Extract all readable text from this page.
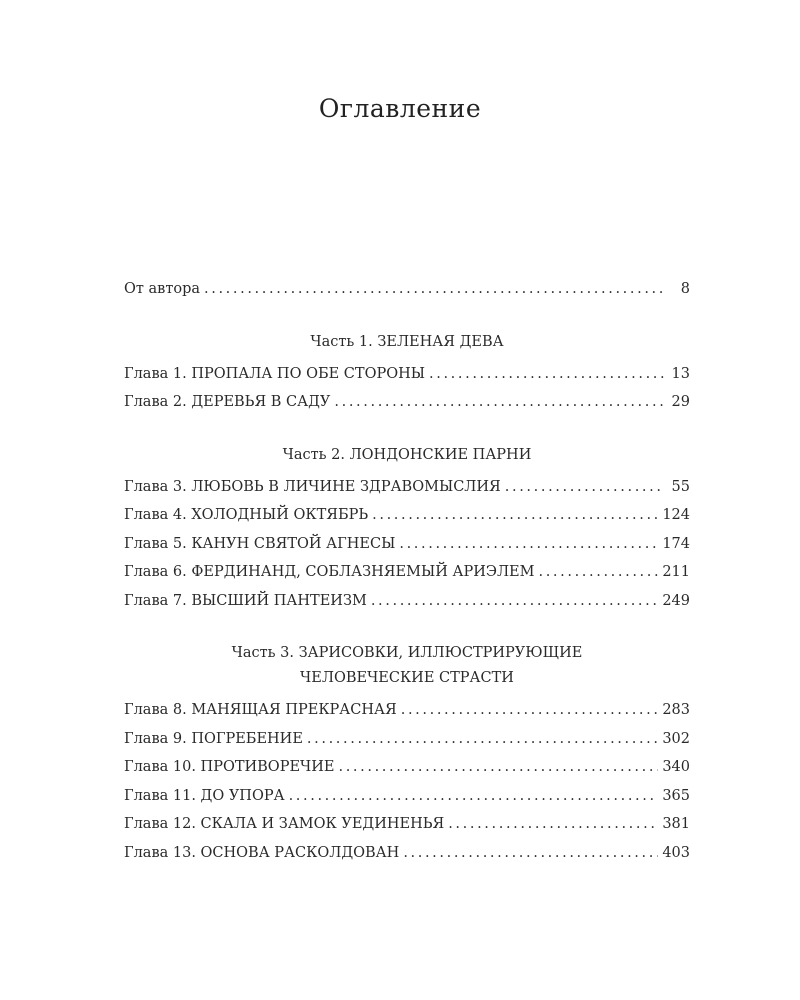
Оглавление
От автора . . .	8
Часть 1. ЗЕЛЕНАЯ ДЕВА
Глава 1. ПРОПАЛА ПО ОБЕ СТОРОНЫ . . .	13
Глава 2. ДЕРЕВЬЯ В САДУ . . .	29
Часть 2. ЛОНДОНСКИЕ ПАРНИ
Глава 3. ЛЮБОВЬ В ЛИЧИНЕ ЗДРАВОМЫСЛИЯ . . .	55
Глава 4. ХОЛОДНЫЙ ОКТЯБРЬ . . .	124
Глава 5. КАНУН СВЯТОЙ АГНЕСЫ . . .	174
Глава 6. ФЕРДИНАНД, СОБЛАЗНЯЕМЫЙ АРИЭЛЕМ . . .	211
Глава 7. ВЫСШИЙ ПАНТЕИЗМ . . .	249
Часть 3. ЗАРИСОВКИ, ИЛЛЮСТРИРУЮЩИЕ
ЧЕЛОВЕЧЕСКИЕ СТРАСТИ
Глава 8. МАНЯЩАЯ ПРЕКРАСНАЯ . . .	283
Глава 9. ПОГРЕБЕНИЕ . . .	302
Глава 10. ПРОТИВОРЕЧИЕ . . .	340
Глава 11. ДО УПОРА . . .	365
Глава 12. СКАЛА И ЗАМОК УЕДИНЕНЬЯ . . .	381
Глава 13. ОСНОВА РАСКОЛДОВАН . . .	403
